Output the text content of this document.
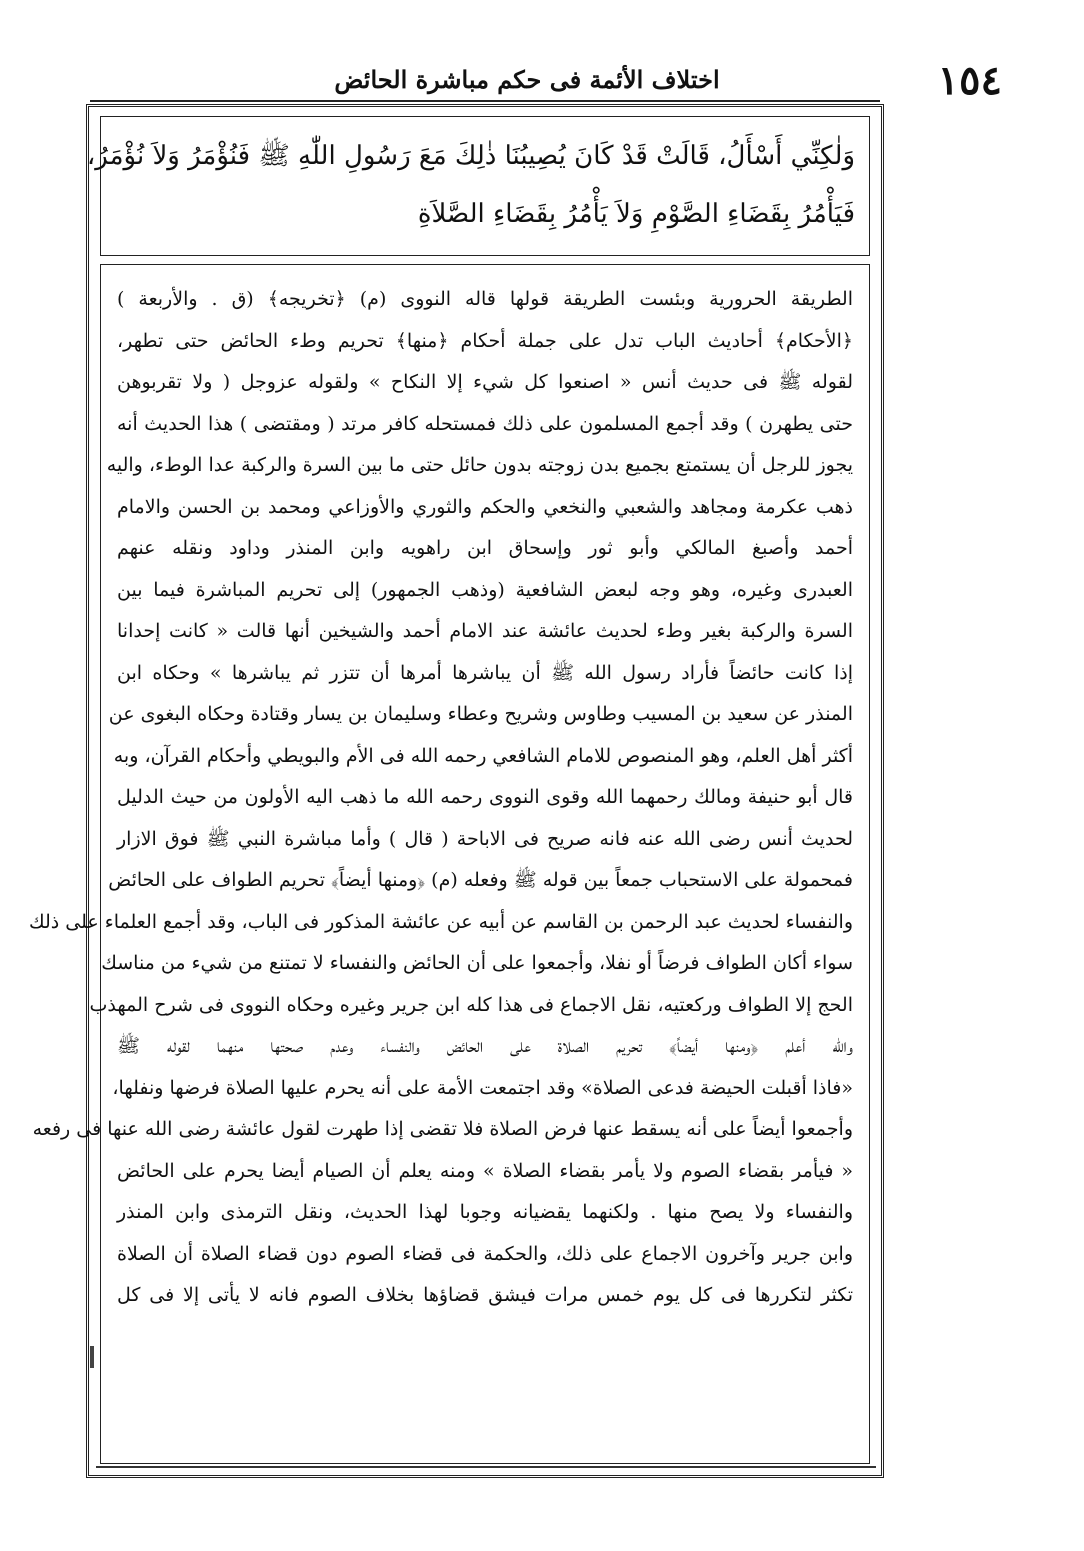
١٥٤
اختلاف الأئمة فى حكم مباشرة الحائض
وَلٰكِنِّي أَسْأَلُ، قَالَتْ قَدْ كَانَ يُصِيبُنَا ذٰلِكَ مَعَ رَسُولِ اللّٰهِ ﷺ فَنُؤْمَرُ وَلاَ نُؤْمَرُ،
فَيَأْمُرُ بِقَضَاءِ الصَّوْمِ وَلاَ يَأْمُرُ بِقَضَاءِ الصَّلاَةِ
الطريقة الحرورية وبئست الطريقة قولها قاله النووى (م) ﴿تخريجه﴾ (ق . والأربعة )
﴿الأحكام﴾ أحاديث الباب تدل على جملة أحكام ﴿منها﴾ تحريم وطء الحائض حتى تطهر،
لقوله ﷺ فى حديث أنس « اصنعوا كل شيء إلا النكاح » ولقوله عزوجل ( ولا تقربوهن
حتى يطهرن ) وقد أجمع المسلمون على ذلك فمستحله كافر مرتد ( ومقتضى ) هذا الحديث أنه
يجوز للرجل أن يستمتع بجميع بدن زوجته بدون حائل حتى ما بين السرة والركبة عدا الوطء، واليه
ذهب عكرمة ومجاهد والشعبي والنخعي والحكم والثوري والأوزاعي ومحمد بن الحسن والامام
أحمد وأصبغ المالكي وأبو ثور وإسحاق ابن راهويه وابن المنذر وداود ونقله عنهم
العبدرى وغيره، وهو وجه لبعض الشافعية (وذهب الجمهور) إلى تحريم المباشرة فيما بين
السرة والركبة بغير وطء لحديث عائشة عند الامام أحمد والشيخين أنها قالت « كانت إحدانا
إذا كانت حائضاً فأراد رسول الله ﷺ أن يباشرها أمرها أن تتزر ثم يباشرها » وحكاه ابن
المنذر عن سعيد بن المسيب وطاوس وشريح وعطاء وسليمان بن يسار وقتادة وحكاه البغوى عن
أكثر أهل العلم، وهو المنصوص للامام الشافعي رحمه الله فى الأم والبويطي وأحكام القرآن، وبه
قال أبو حنيفة ومالك رحمهما الله وقوى النووى رحمه الله ما ذهب اليه الأولون من حيث الدليل
لحديث أنس رضى الله عنه فانه صريح فى الاباحة ( قال ) وأما مباشرة النبي ﷺ فوق الازار
فمحمولة على الاستحباب جمعاً بين قوله ﷺ وفعله (م) ﴿ومنها أيضاً﴾ تحريم الطواف على الحائض
والنفساء لحديث عبد الرحمن بن القاسم عن أبيه عن عائشة المذكور فى الباب، وقد أجمع العلماء على ذلك
سواء أكان الطواف فرضاً أو نفلا، وأجمعوا على أن الحائض والنفساء لا تمتنع من شيء من مناسك
الحج إلا الطواف وركعتيه، نقل الاجماع فى هذا كله ابن جرير وغيره وحكاه النووى فى شرح المهذب
والله أعلم ﴿ومنها أيضاً﴾ تحريم الصلاة على الحائض والنفساء وعدم صحتها منهما لقوله ﷺ
«فاذا أقبلت الحيضة فدعى الصلاة» وقد اجتمعت الأمة على أنه يحرم عليها الصلاة فرضها ونفلها،
وأجمعوا أيضاً على أنه يسقط عنها فرض الصلاة فلا تقضى إذا طهرت لقول عائشة رضى الله عنها فى رفعه
« فيأمر بقضاء الصوم ولا يأمر بقضاء الصلاة » ومنه يعلم أن الصيام أيضا يحرم على الحائض
والنفساء ولا يصح منها . ولكنهما يقضيانه وجوبا لهذا الحديث، ونقل الترمذى وابن المنذر
وابن جرير وآخرون الاجماع على ذلك، والحكمة فى قضاء الصوم دون قضاء الصلاة أن الصلاة
تكثر لتكررها فى كل يوم خمس مرات فيشق قضاؤها بخلاف الصوم فانه لا يأتى إلا فى كل
